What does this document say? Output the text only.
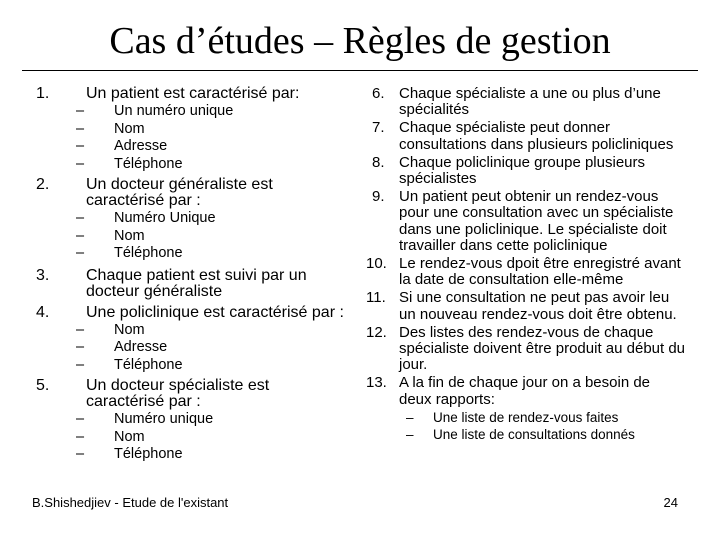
Cas d’études – Règles de gestion
1. Un patient est caractérisé par:
– Un numéro unique
– Nom
– Adresse
– Téléphone
2. Un docteur généraliste est caractérisé par :
– Numéro Unique
– Nom
– Téléphone
3. Chaque patient est suivi par un docteur généraliste
4. Une policlinique est caractérisé par :
– Nom
– Adresse
– Téléphone
5. Un docteur spécialiste est caractérisé par :
– Numéro unique
– Nom
– Téléphone
6. Chaque spécialiste a une ou plus d’une spécialités
7. Chaque spécialiste peut donner consultations dans plusieurs policliniques
8. Chaque policlinique groupe plusieurs spécialistes
9. Un patient peut obtenir un rendez-vous pour une consultation avec un spécialiste dans une policlinique. Le spécialiste doit travailler dans cette policlinique
10. Le rendez-vous dpoit être enregistré avant la date de consultation elle-même
11. Si une consultation ne peut pas avoir leu un nouveau rendez-vous doit être obtenu.
12. Des listes des rendez-vous de chaque spécialiste doivent être produit au début du jour.
13. A la fin de chaque jour on a besoin de deux rapports:
– Une liste de rendez-vous faites
– Une liste de consultations donnés
B.Shishedjiev - Etude de l'existant	24
